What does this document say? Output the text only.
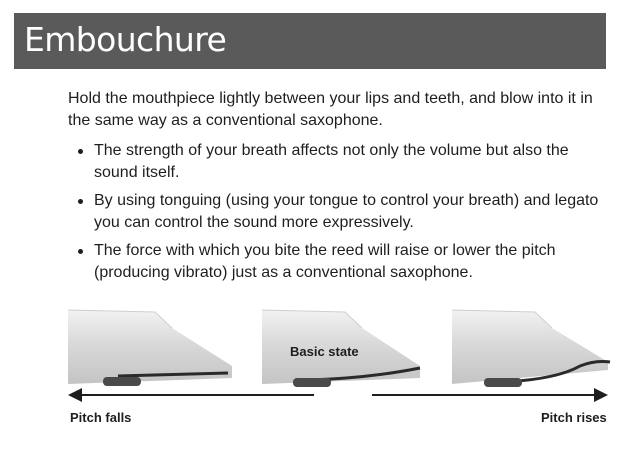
Embouchure

Hold the mouthpiece lightly between your lips and teeth, and blow into it in the same way as a conventional saxophone.

The strength of your breath affects not only the volume but also the sound itself.
By using tonguing (using your tongue to control your breath) and legato you can control the sound more expressively.
The force with which you bite the reed will raise or lower the pitch (producing vibrato) just as a conventional saxophone.
Basic state
Pitch falls	Pitch rises
